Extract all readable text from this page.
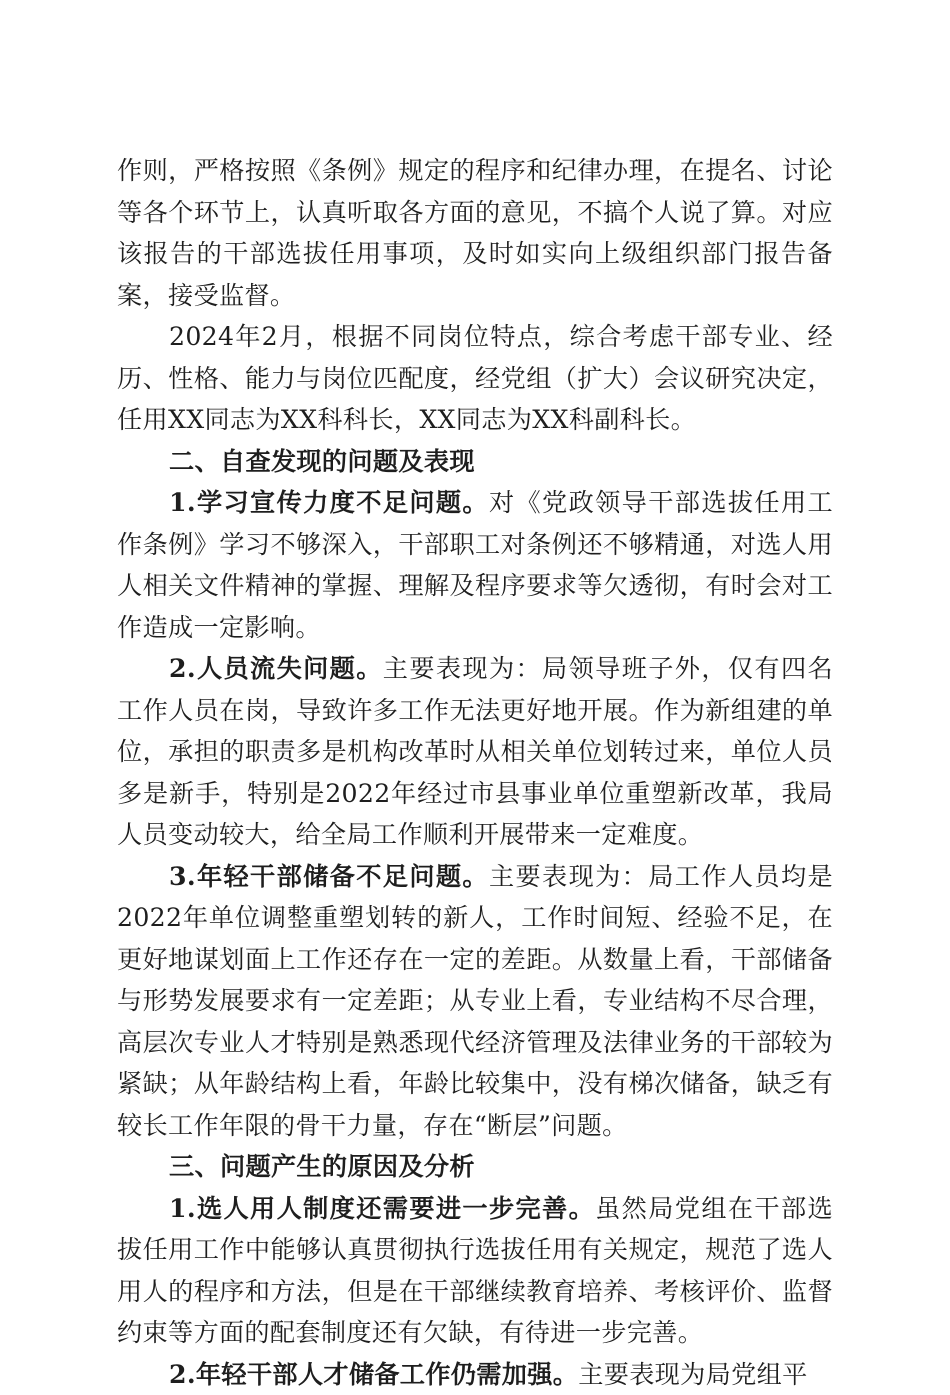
作则，严格按照《条例》规定的程序和纪律办理，在提名、讨论等各个环节上，认真听取各方面的意见，不搞个人说了算。对应该报告的干部选拔任用事项，及时如实向上级组织部门报告备案，接受监督。

2024年2月，根据不同岗位特点，综合考虑干部专业、经历、性格、能力与岗位匹配度，经党组（扩大）会议研究决定，任用XX同志为XX科科长，XX同志为XX科副科长。

二、自查发现的问题及表现

1.学习宣传力度不足问题。对《党政领导干部选拔任用工作条例》学习不够深入，干部职工对条例还不够精通，对选人用人相关文件精神的掌握、理解及程序要求等欠透彻，有时会对工作造成一定影响。

2.人员流失问题。主要表现为：局领导班子外，仅有四名工作人员在岗，导致许多工作无法更好地开展。作为新组建的单位，承担的职责多是机构改革时从相关单位划转过来，单位人员多是新手，特别是2022年经过市县事业单位重塑新改革，我局人员变动较大，给全局工作顺利开展带来一定难度。

3.年轻干部储备不足问题。主要表现为：局工作人员均是2022年单位调整重塑划转的新人，工作时间短、经验不足，在更好地谋划面上工作还存在一定的差距。从数量上看，干部储备与形势发展要求有一定差距；从专业上看，专业结构不尽合理，高层次专业人才特别是熟悉现代经济管理及法律业务的干部较为紧缺；从年龄结构上看，年龄比较集中，没有梯次储备，缺乏有较长工作年限的骨干力量，存在“断层”问题。

三、问题产生的原因及分析

1.选人用人制度还需要进一步完善。虽然局党组在干部选拔任用工作中能够认真贯彻执行选拔任用有关规定，规范了选人用人的程序和方法，但是在干部继续教育培养、考核评价、监督约束等方面的配套制度还有欠缺，有待进一步完善。

2.年轻干部人才储备工作仍需加强。主要表现为局党组平
